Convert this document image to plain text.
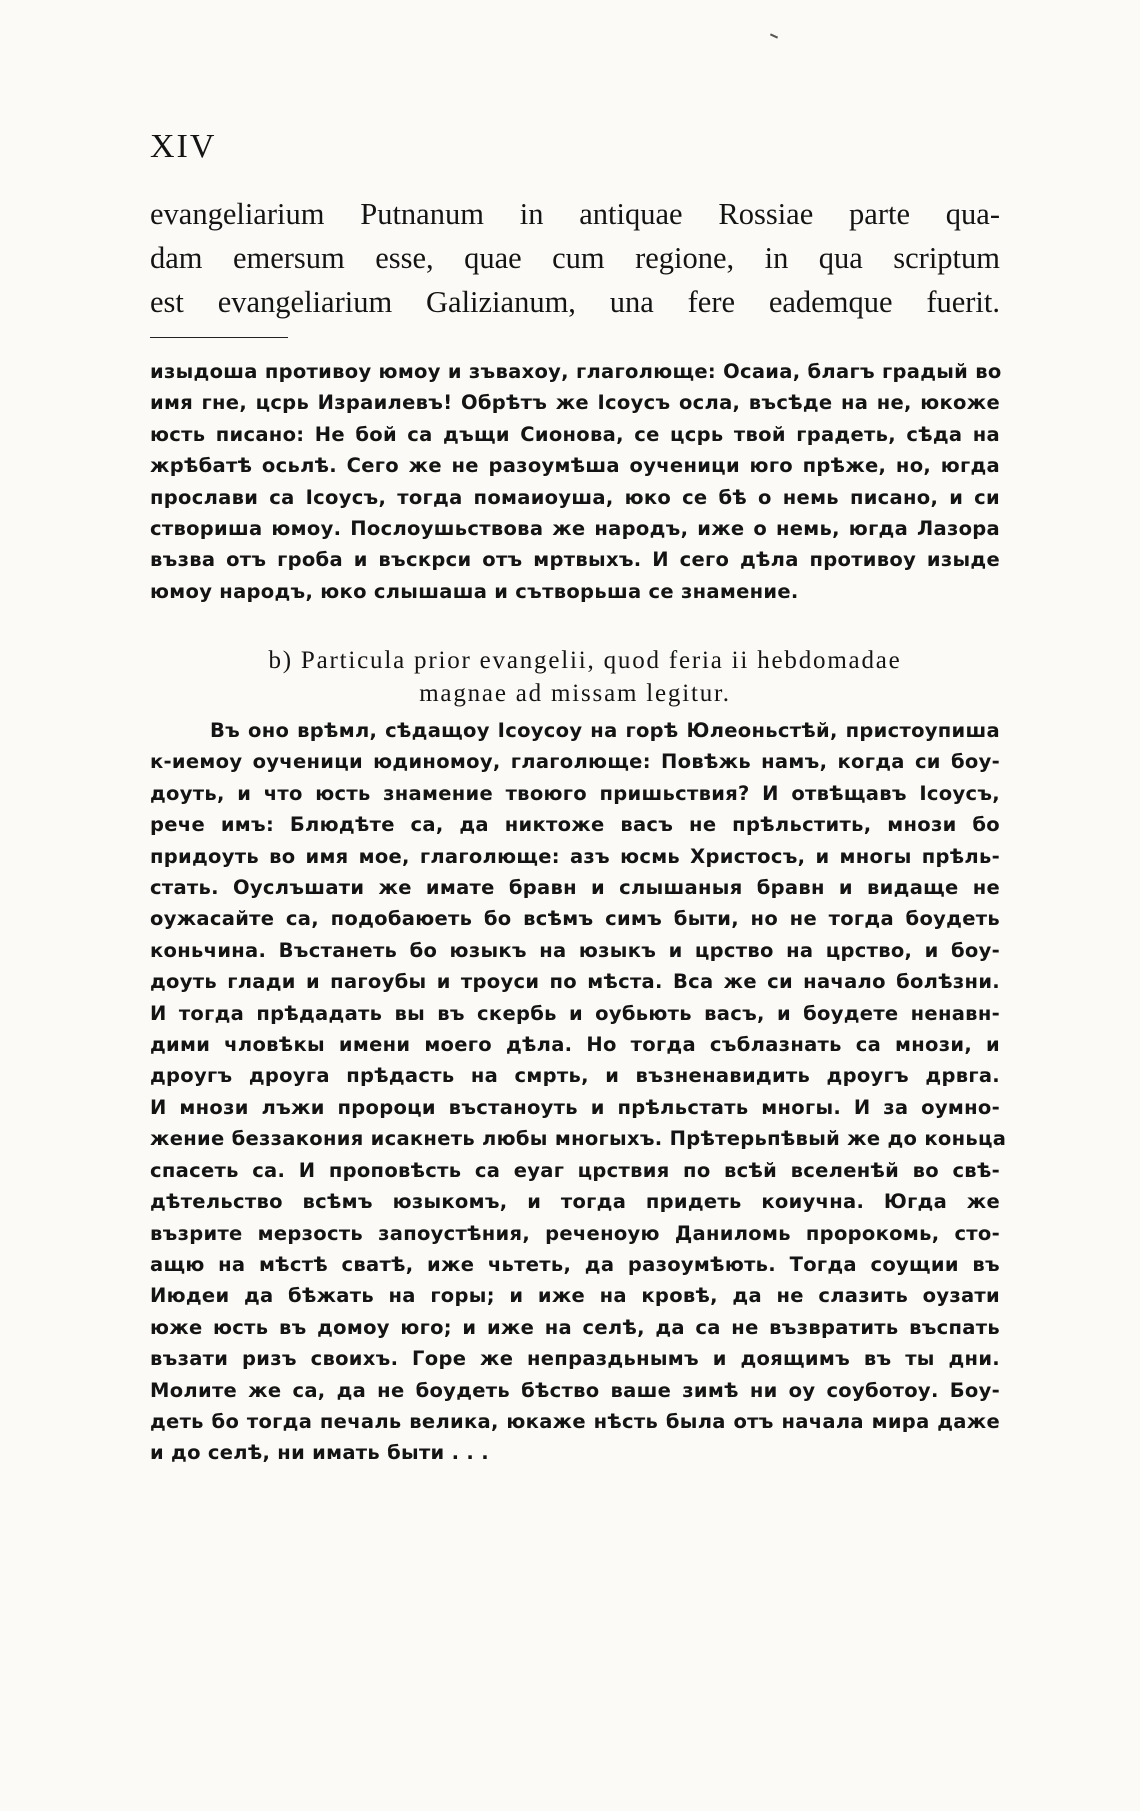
XIV
evangeliarium Putnanum in antiquae Rossiae parte qua-
dam emersum esse, quae cum regione, in qua scriptum
est evangeliarium Galizianum, una fere eademque fuerit.
изыдоша противоу юмоу и зъвахоу, глаголюще: Осаиа, благъ градый во
имя гне, цсрь Израилевъ! Обрѣтъ же Ісоусъ осла, въсѣде на не, юкоже
юсть писано: Не бой са дъщи Сионова, се цсрь твой градеть, сѣда на
жрѣбатѣ осьлѣ. Сего же не разоумѣша оученици юго прѣже, но, югда
прослави са Ісоусъ, тогда помаиоуша, юко се бѣ о немь писано, и си
створиша юмоу. Послоушьствова же народъ, иже о немь, югда Лазора
възва отъ гроба и въскрси отъ мртвыхъ. И сего дѣла противоу изыде
юмоу народъ, юко слышаша и сътворьша се знамение.
b) Particula prior evangelii, quod feria ii hebdomadae
magnae ad missam legitur.
Въ оно врѣмл, сѣдащоу Ісоусоу на горѣ Юлеоньстѣй, пристоупиша
к-иемоу оученици юдиномоу, глаголюще: Повѣжь намъ, когда си боу-
доуть, и что юсть знамение твоюго пришьствия? И отвѣщавъ Ісоусъ,
рече имъ: Блюдѣте са, да никтоже васъ не прѣльстить, мнози бо
придоуть во имя мое, глаголюще: азъ юсмь Христосъ, и многы прѣль-
стать. Оуслъшати же имате бравн и слышаныя бравн и видаще не
оужасайте са, подобаюеть бо всѣмъ симъ быти, но не тогда боудеть
коньчина. Въстанеть бо юзыкъ на юзыкъ и црство на црство, и боу-
доуть глади и пагоубы и троуси по мѣста. Вса же си начало болѣзни.
И тогда прѣдадать вы въ скербь и оубьють васъ, и боудете ненавн-
дими чловѣкы имени моего дѣла. Но тогда съблазнать са мнози, и
дроугъ дроуга прѣдасть на смрть, и възненавидить дроугъ дрвга.
И мнози лъжи пророци въстаноуть и прѣльстать многы. И за оумно-
жение беззакония исакнеть любы многыхъ. Прѣтерьпѣвый же до коньца
спасеть са. И проповѣсть са еуаг црствия по всѣй вселенѣй во свѣ-
дѣтельство всѣмъ юзыкомъ, и тогда придеть коиучна. Югда же
възрите мерзость запоустѣния, реченоую Даниломь пророкомь, сто-
ащю на мѣстѣ сватѣ, иже чьтеть, да разоумѣють. Тогда соущии въ
Июдеи да бѣжать на горы; и иже на кровѣ, да не слазить оузати
юже юсть въ домоу юго; и иже на селѣ, да са не възвратить въспать
възати ризъ своихъ. Горе же непраздьнымъ и доящимъ въ ты дни.
Молите же са, да не боудеть бѣство ваше зимѣ ни оу соуботоу. Боу-
деть бо тогда печаль велика, юкаже нѣсть была отъ начала мира даже
и до селѣ, ни имать быти . . .
